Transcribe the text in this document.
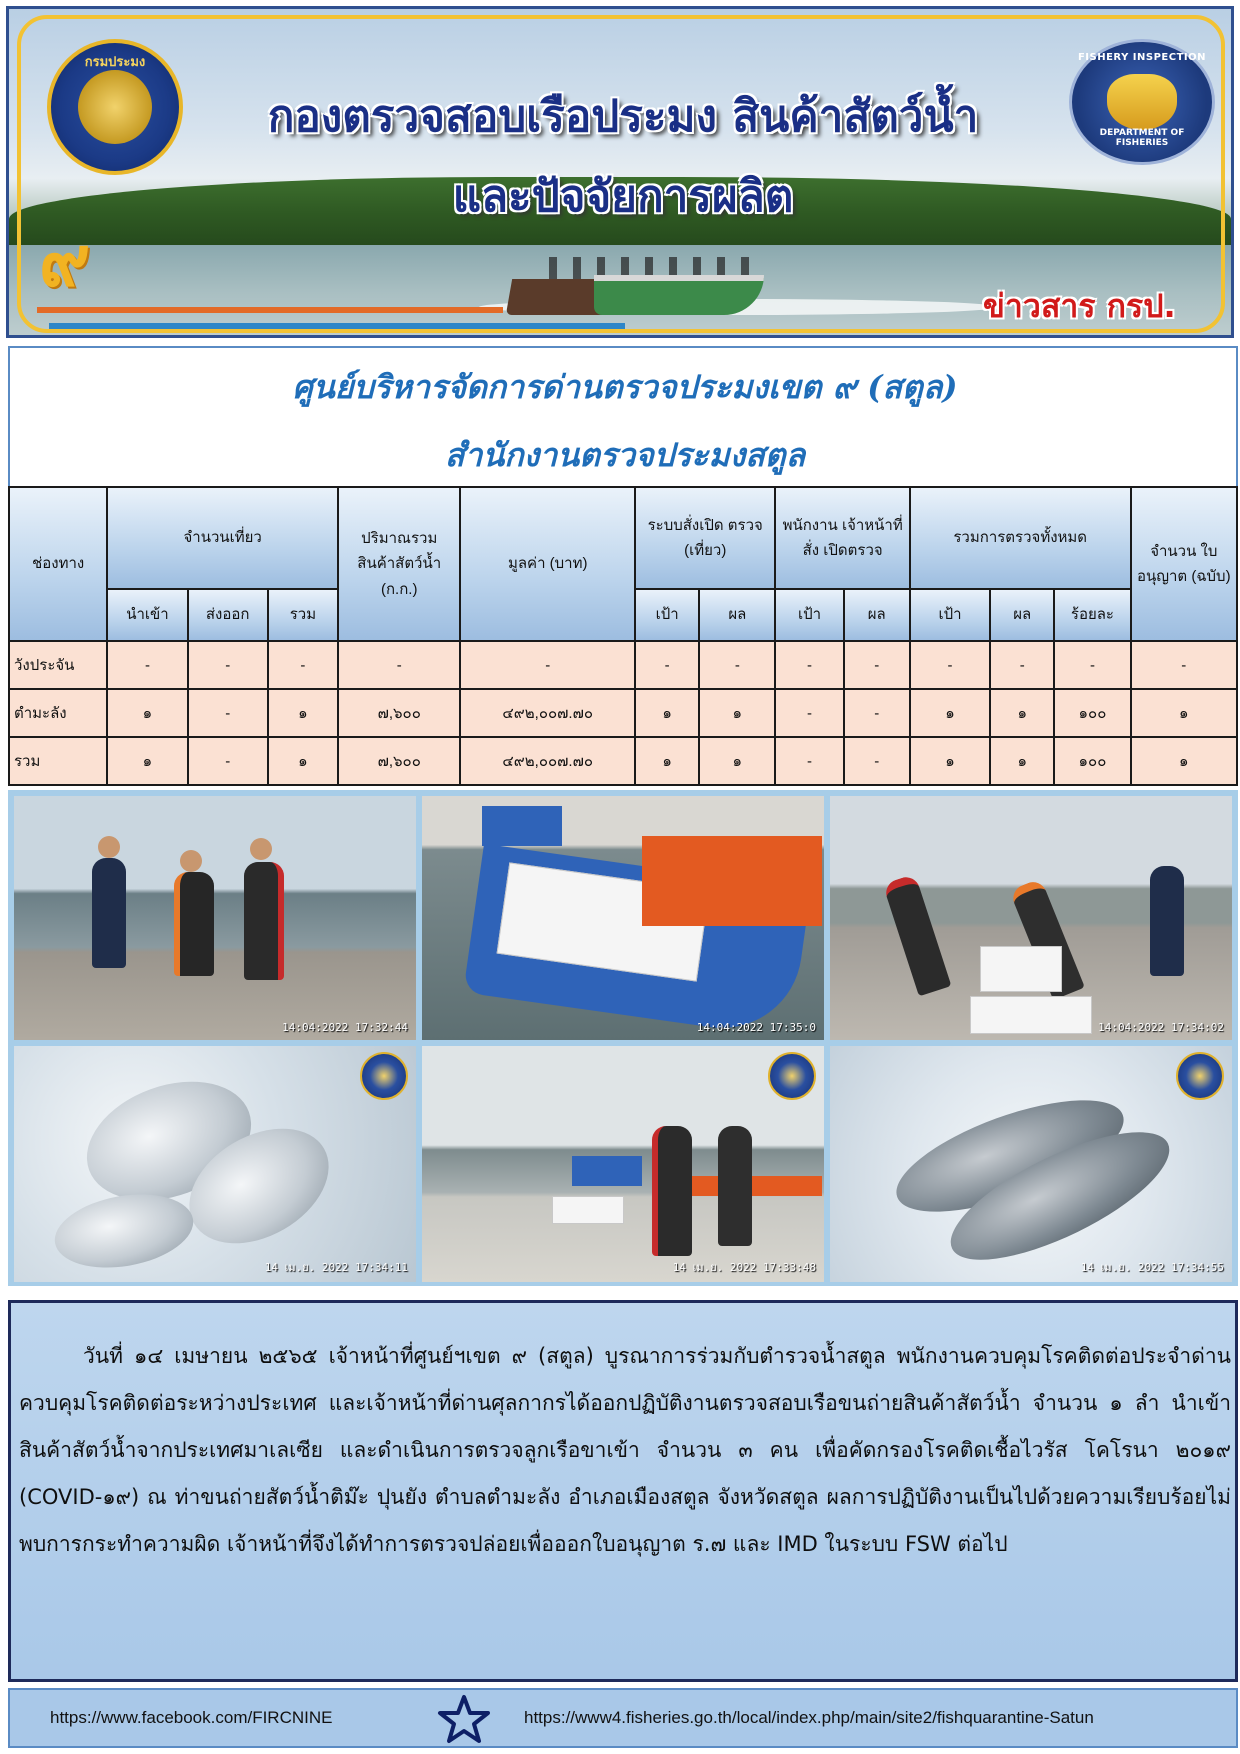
กรมประมง	FISHERY INSPECTION
DEPARTMENT OF FISHERIES
กองตรวจสอบเรือประมง สินค้าสัตว์น้ำ
และปัจจัยการผลิต
๙
ข่าวสาร กรป.
ศูนย์บริหารจัดการด่านตรวจประมงเขต ๙ (สตูล)
สำนักงานตรวจประมงสตูล
ช่องทาง	จำนวนเที่ยว			ปริมาณรวม สินค้าสัตว์น้ำ (ก.ก.)	มูลค่า (บาท)	ระบบสั่งเปิด ตรวจ (เที่ยว)		พนักงาน เจ้าหน้าที่สั่ง เปิดตรวจ		รวมการตรวจทั้งหมด			จำนวน ใบอนุญาต (ฉบับ)
	นำเข้า	ส่งออก	รวม			เป้า	ผล	เป้า	ผล	เป้า	ผล	ร้อยละ	
วังประจัน	-	-	-	-	-	-	-	-	-	-	-	-	-
ตำมะลัง	๑	-	๑	๗,๖๐๐	๔๙๒,๐๐๗.๗๐	๑	๑	-	-	๑	๑	๑๐๐	๑
รวม	๑	-	๑	๗,๖๐๐	๔๙๒,๐๐๗.๗๐	๑	๑	-	-	๑	๑	๑๐๐	๑
14:04:2022 17:32:44	14:04:2022 17:35:0	14:04:2022 17:34:02
14 เม.ย. 2022 17:34:11	14 เม.ย. 2022 17:33:48	14 เม.ย. 2022 17:34:55

วันที่ ๑๔ เมษายน ๒๕๖๕ เจ้าหน้าที่ศูนย์ฯเขต ๙ (สตูล) บูรณาการร่วมกับตำรวจน้ำสตูล พนักงานควบคุมโรคติดต่อประจำด่านควบคุมโรคติดต่อระหว่างประเทศ และเจ้าหน้าที่ด่านศุลกากรได้ออกปฏิบัติงานตรวจสอบเรือขนถ่ายสินค้าสัตว์น้ำ จำนวน ๑ ลำ นำเข้าสินค้าสัตว์น้ำจากประเทศมาเลเซีย และดำเนินการตรวจลูกเรือขาเข้า จำนวน ๓ คน เพื่อคัดกรองโรคติดเชื้อไวรัส โคโรนา ๒๐๑๙ (COVID-๑๙) ณ ท่าขนถ่ายสัตว์น้ำติม๊ะ ปุนยัง ตำบลตำมะลัง อำเภอเมืองสตูล จังหวัดสตูล ผลการปฏิบัติงานเป็นไปด้วยความเรียบร้อยไม่พบการกระทำความผิด เจ้าหน้าที่จึงได้ทำการตรวจปล่อยเพื่อออกใบอนุญาต ร.๗ และ IMD ในระบบ FSW ต่อไป

https://www.facebook.com/FIRCNINE	https://www4.fisheries.go.th/local/index.php/main/site2/fishquarantine-Satun
